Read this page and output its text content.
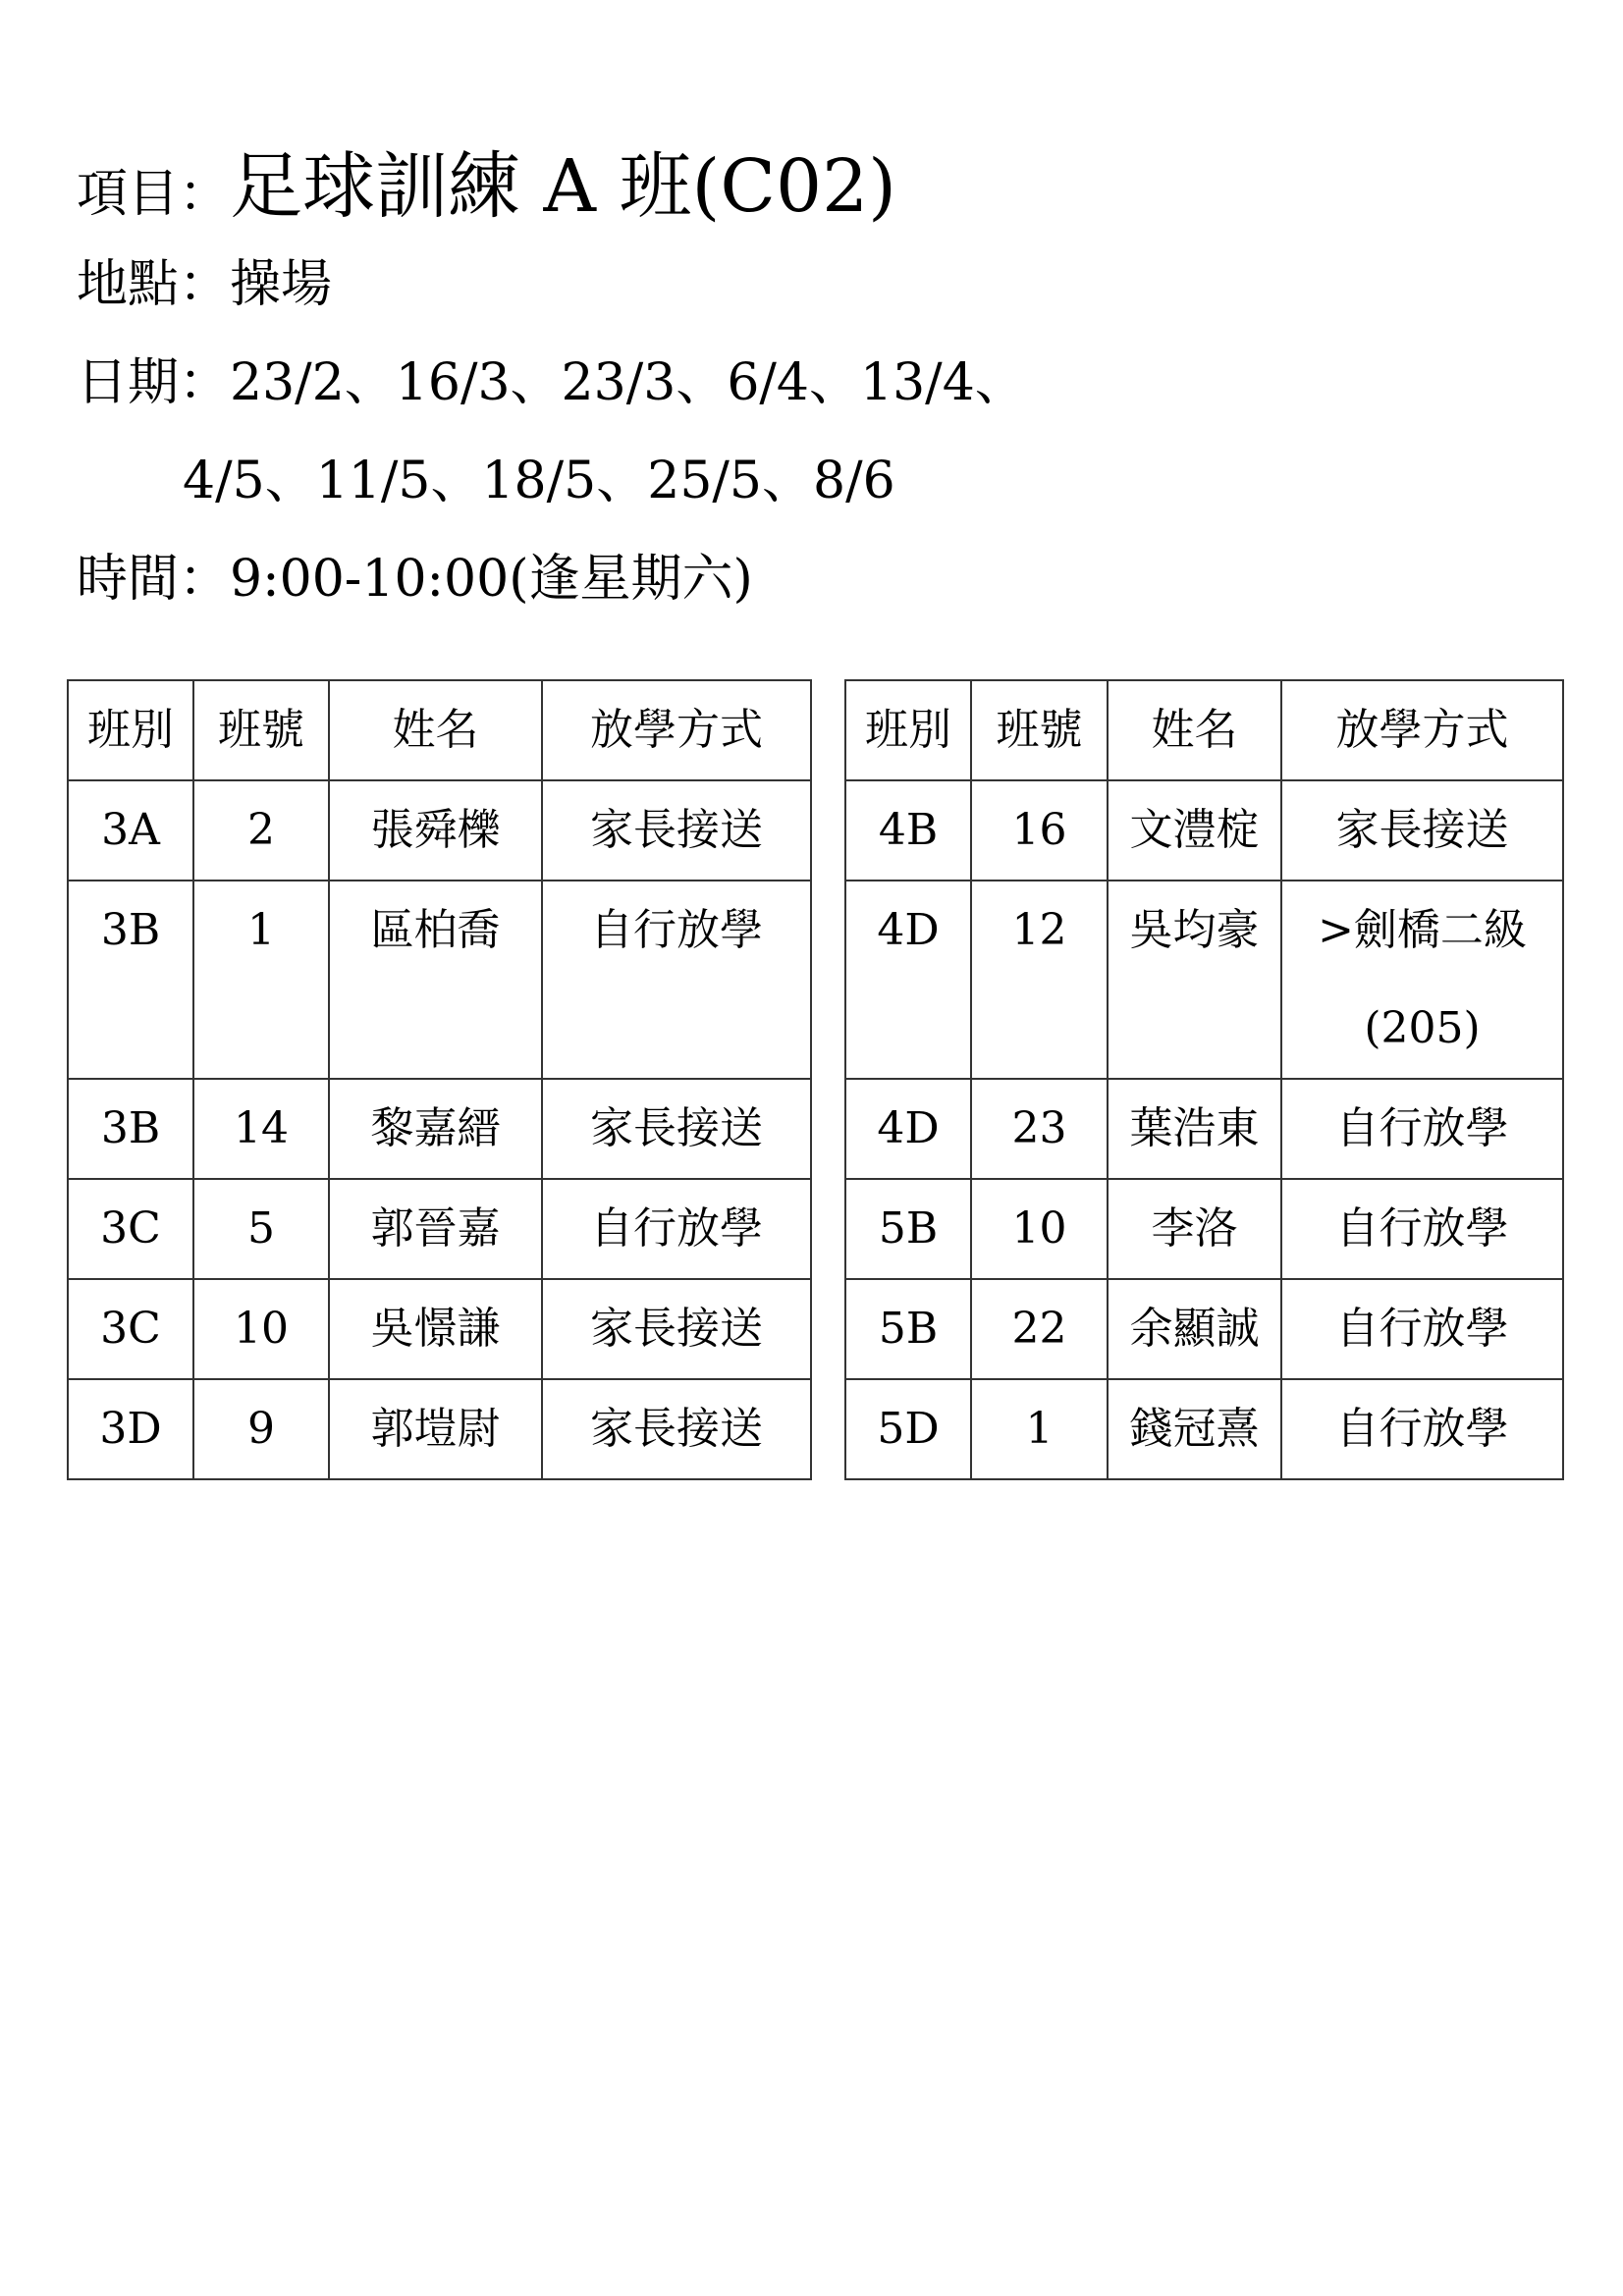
項目：足球訓練 A 班(C02)
地點：操場
日期：23/2、16/3、23/3、6/4、13/4、
4/5、11/5、18/5、25/5、8/6
時間：9:00-10:00(逢星期六)
班別	班號	姓名	放學方式
3A	2	張舜櫟	家長接送
3B	1	區柏喬	自行放學
3B	14	黎嘉縉	家長接送
3C	5	郭晉嘉	自行放學
3C	10	吳憬謙	家長接送
3D	9	郭塏尉	家長接送
班別	班號	姓名	放學方式
4B	16	文澧椗	家長接送
4D	12	吳均豪	>劍橋二級
(205)

4D	23	葉浩東	自行放學
5B	10	李洛	自行放學
5B	22	余顯誠	自行放學
5D	1	錢冠熹	自行放學
